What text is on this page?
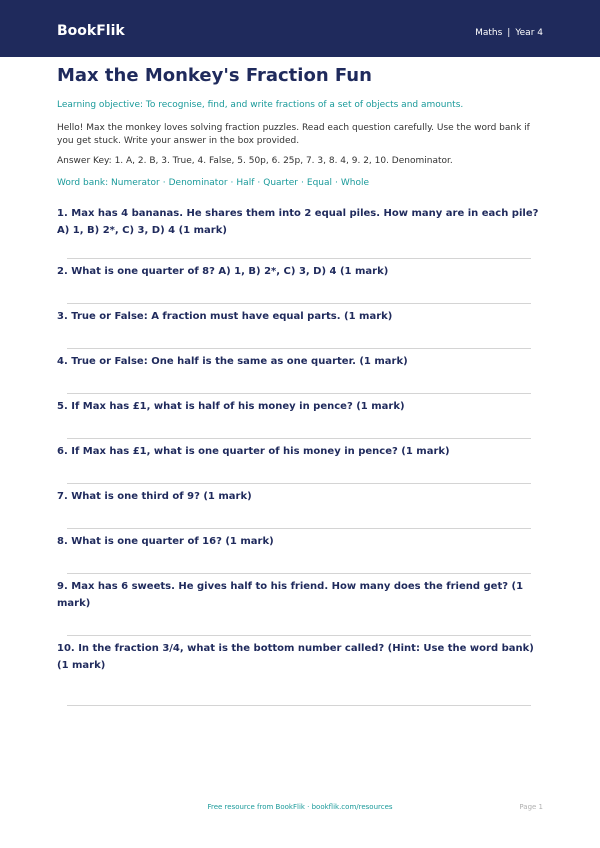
BookFlik	Maths | Year 4
Max the Monkey's Fraction Fun
Learning objective: To recognise, find, and write fractions of a set of objects and amounts.
Hello! Max the monkey loves solving fraction puzzles. Read each question carefully. Use the word bank if you get stuck. Write your answer in the box provided.
Answer Key: 1. A, 2. B, 3. True, 4. False, 5. 50p, 6. 25p, 7. 3, 8. 4, 9. 2, 10. Denominator.
Word bank: Numerator · Denominator · Half · Quarter · Equal · Whole
1. Max has 4 bananas. He shares them into 2 equal piles. How many are in each pile? A) 1, B) 2*, C) 3, D) 4 (1 mark)
2. What is one quarter of 8? A) 1, B) 2*, C) 3, D) 4 (1 mark)
3. True or False: A fraction must have equal parts. (1 mark)
4. True or False: One half is the same as one quarter. (1 mark)
5. If Max has £1, what is half of his money in pence? (1 mark)
6. If Max has £1, what is one quarter of his money in pence? (1 mark)
7. What is one third of 9? (1 mark)
8. What is one quarter of 16? (1 mark)
9. Max has 6 sweets. He gives half to his friend. How many does the friend get? (1 mark)
10. In the fraction 3/4, what is the bottom number called? (Hint: Use the word bank) (1 mark)
Free resource from BookFlik · bookflik.com/resources	Page 1
